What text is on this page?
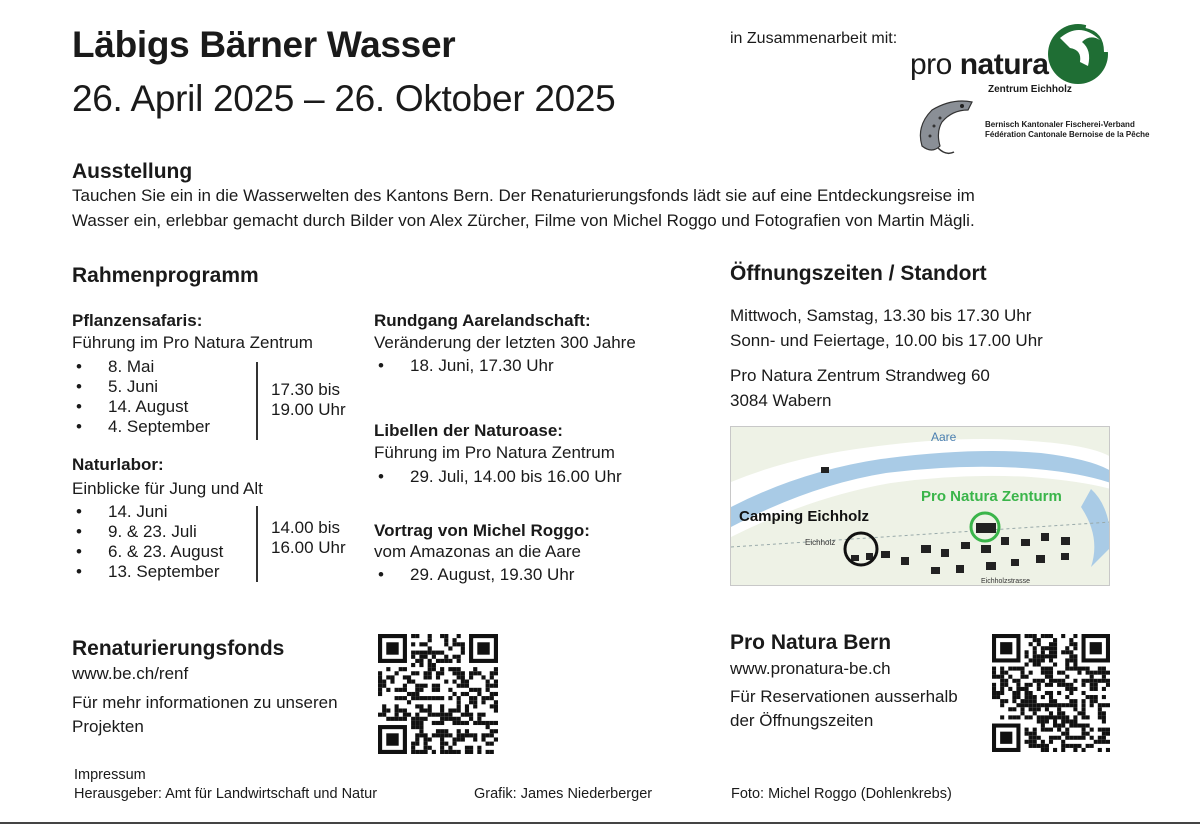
Läbigs Bärner Wasser
26. April 2025 – 26. Oktober 2025
in Zusammenarbeit mit:
pro natura
Zentrum Eichholz
Bernisch Kantonaler Fischerei-Verband
Fédération Cantonale Bernoise de la Pêche
Ausstellung
Tauchen Sie ein in die Wasserwelten des Kantons Bern. Der Renaturierungsfonds lädt sie auf eine Entdeckungsreise im
Wasser ein, erlebbar gemacht durch Bilder von Alex Zürcher, Filme von Michel Roggo und Fotografien von Martin Mägli.
Rahmenprogramm
Pflanzensafaris:
Führung im Pro Natura Zentrum
• 8. Mai
• 5. Juni
• 14. August
• 4. September
17.30 bis
19.00 Uhr
Naturlabor:
Einblicke für Jung und Alt
• 14. Juni
• 9. & 23. Juli
• 6. & 23. August
• 13. September
14.00 bis
16.00 Uhr
Rundgang Aarelandschaft:
Veränderung der letzten 300 Jahre
• 18. Juni, 17.30 Uhr
Libellen der Naturoase:
Führung im Pro Natura Zentrum
• 29. Juli, 14.00 bis 16.00 Uhr
Vortrag von Michel Roggo:
vom Amazonas an die Aare
• 29. August, 19.30 Uhr
Öffnungszeiten / Standort
Mittwoch, Samstag, 13.30 bis 17.30 Uhr
Sonn- und Feiertage, 10.00 bis 17.00 Uhr
Pro Natura Zentrum Strandweg 60
3084 Wabern
Aare
Pro Natura Zenturm
Camping Eichholz
Eichholz
Eichholzstrasse
Renaturierungsfonds
www.be.ch/renf
Für mehr informationen zu unseren
Projekten
Pro Natura Bern
www.pronatura-be.ch
Für Reservationen ausserhalb
der Öffnungszeiten
Impressum
Herausgeber: Amt für Landwirtschaft und Natur	Grafik: James Niederberger	Foto: Michel Roggo (Dohlenkrebs)
